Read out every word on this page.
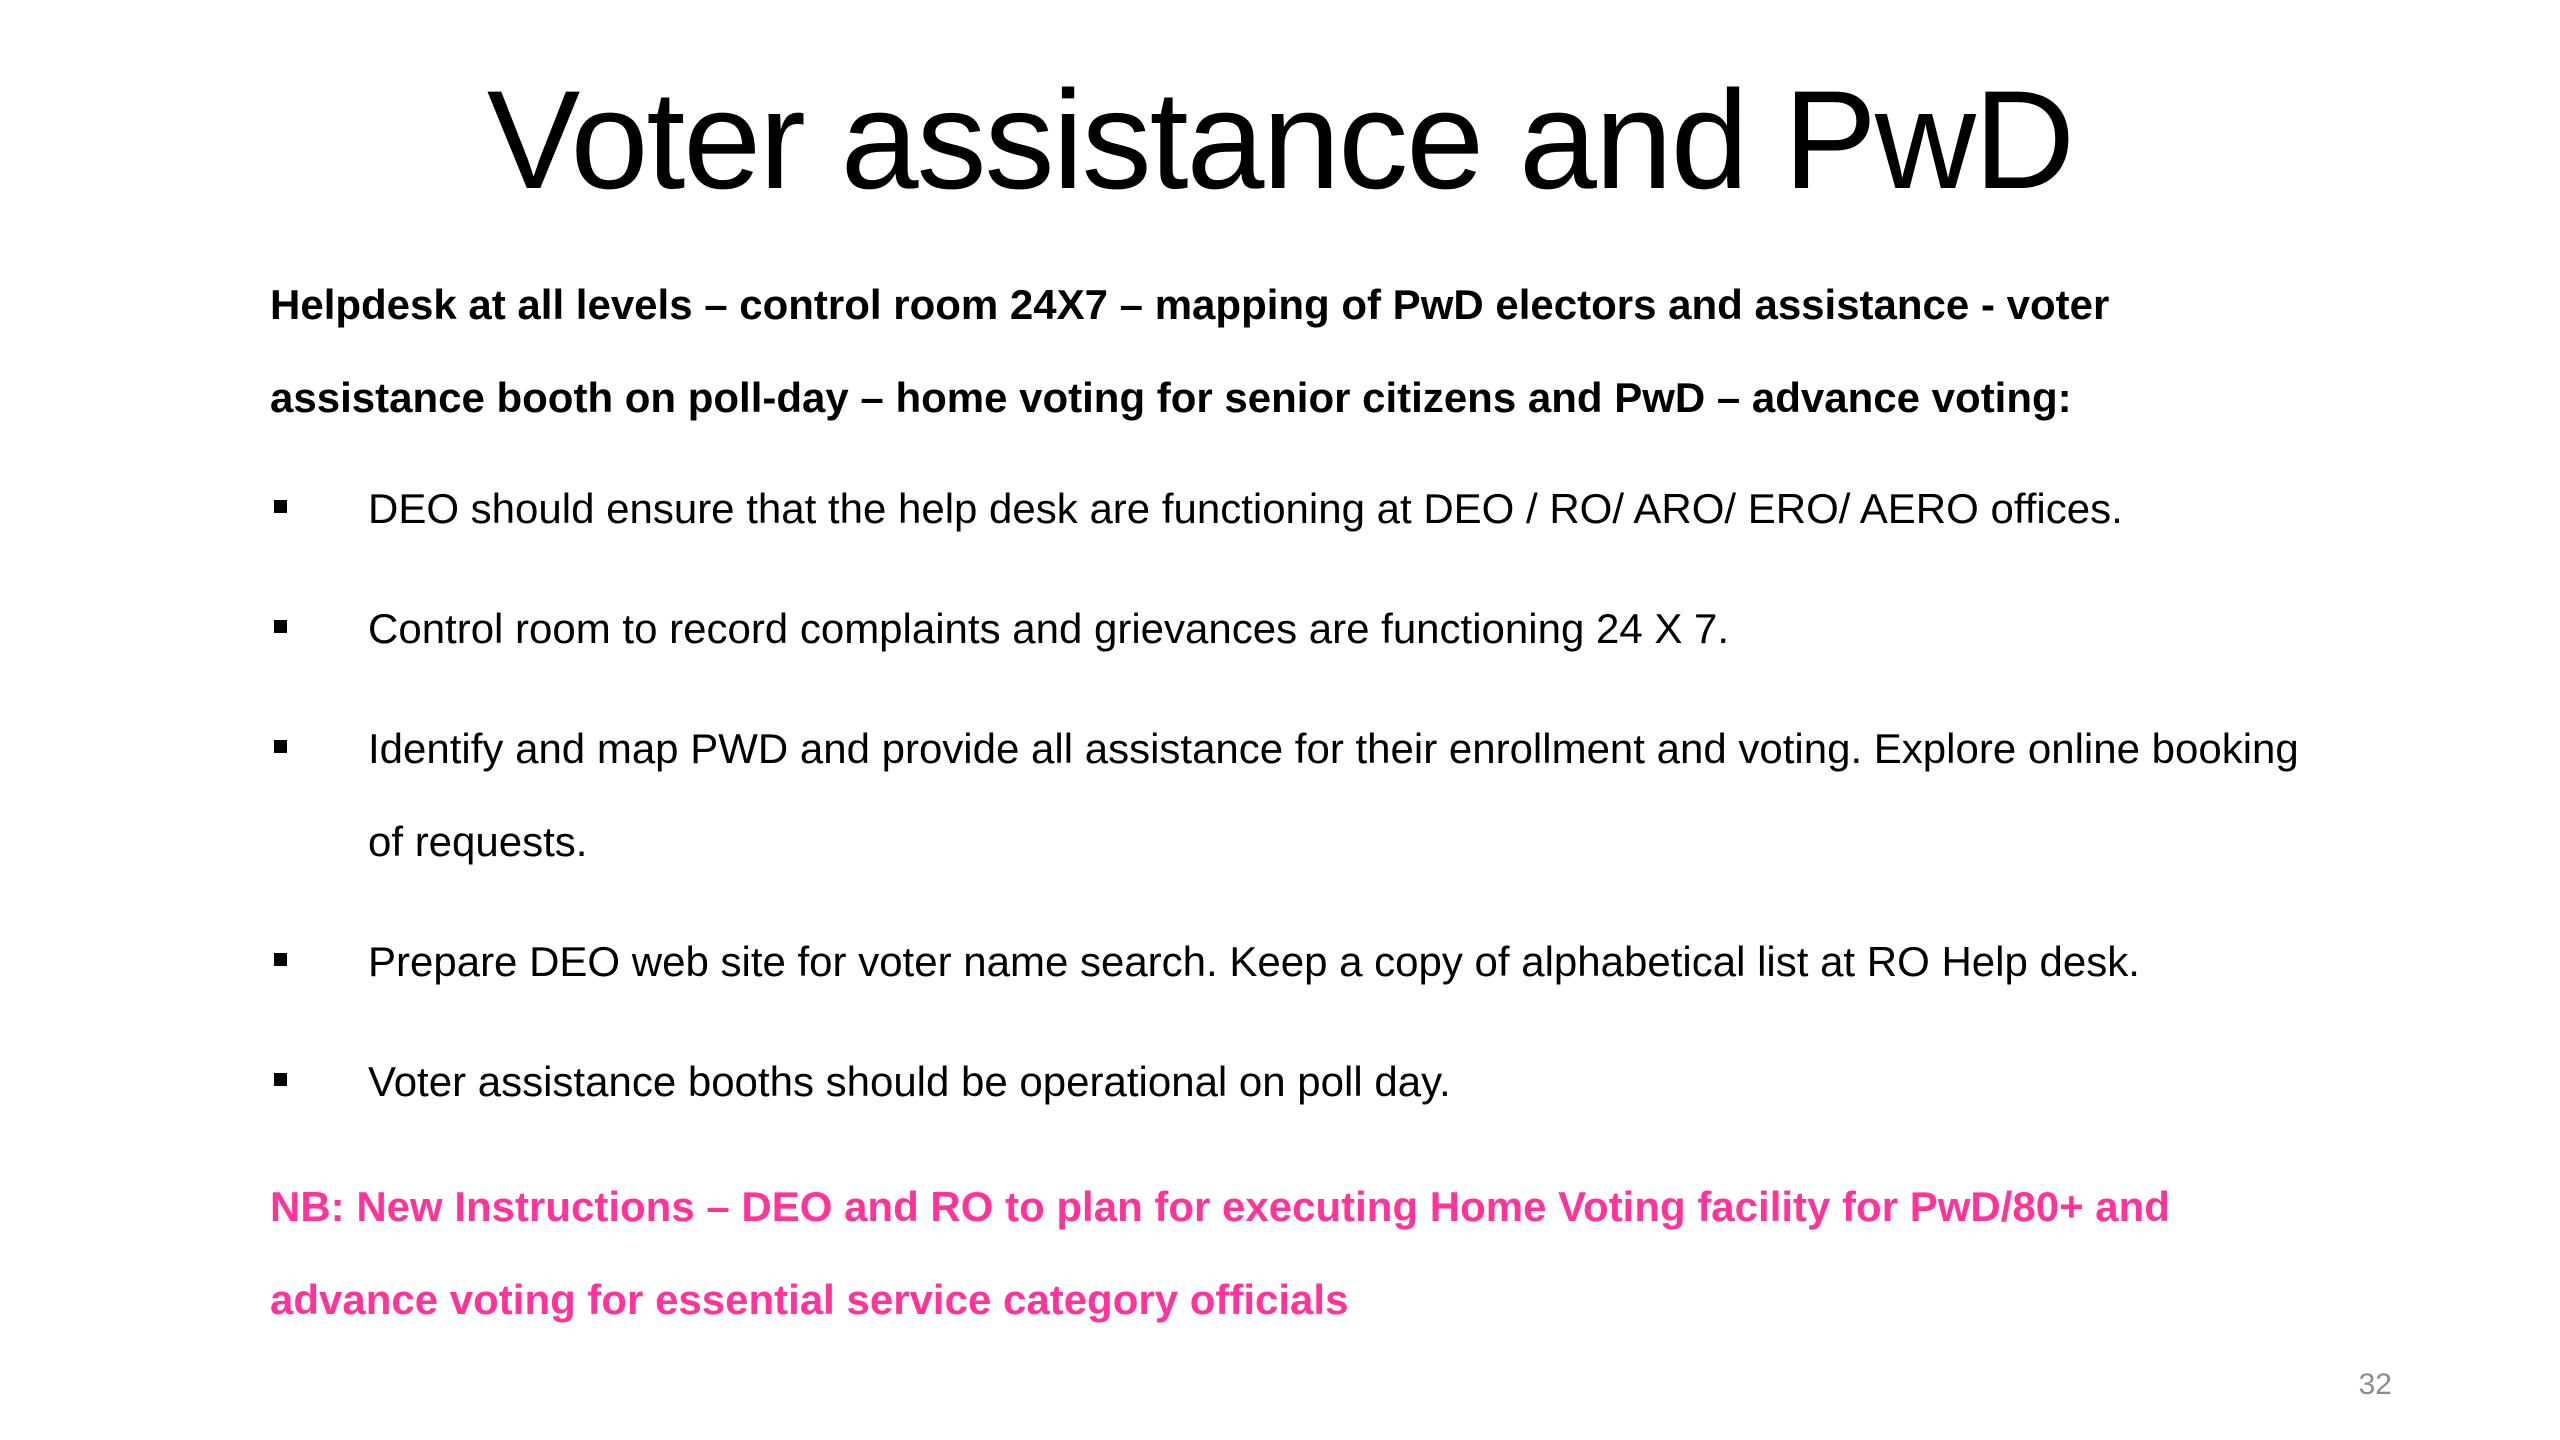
Voter assistance and PwD
Helpdesk at all levels – control room 24X7 – mapping of PwD electors and assistance - voter assistance booth on poll-day – home voting for senior citizens and PwD – advance voting:
DEO should ensure that the help desk are functioning at DEO / RO/ ARO/ ERO/ AERO offices.
Control room to record complaints and grievances are functioning 24 X 7.
Identify and map PWD and provide all assistance for their enrollment and voting. Explore online booking of requests.
Prepare DEO web site for voter name search. Keep a copy of alphabetical list at RO Help desk.
Voter assistance booths should be operational on poll day.
NB: New Instructions – DEO and RO to plan for executing Home Voting facility for PwD/80+ and advance voting for essential service category officials
32
